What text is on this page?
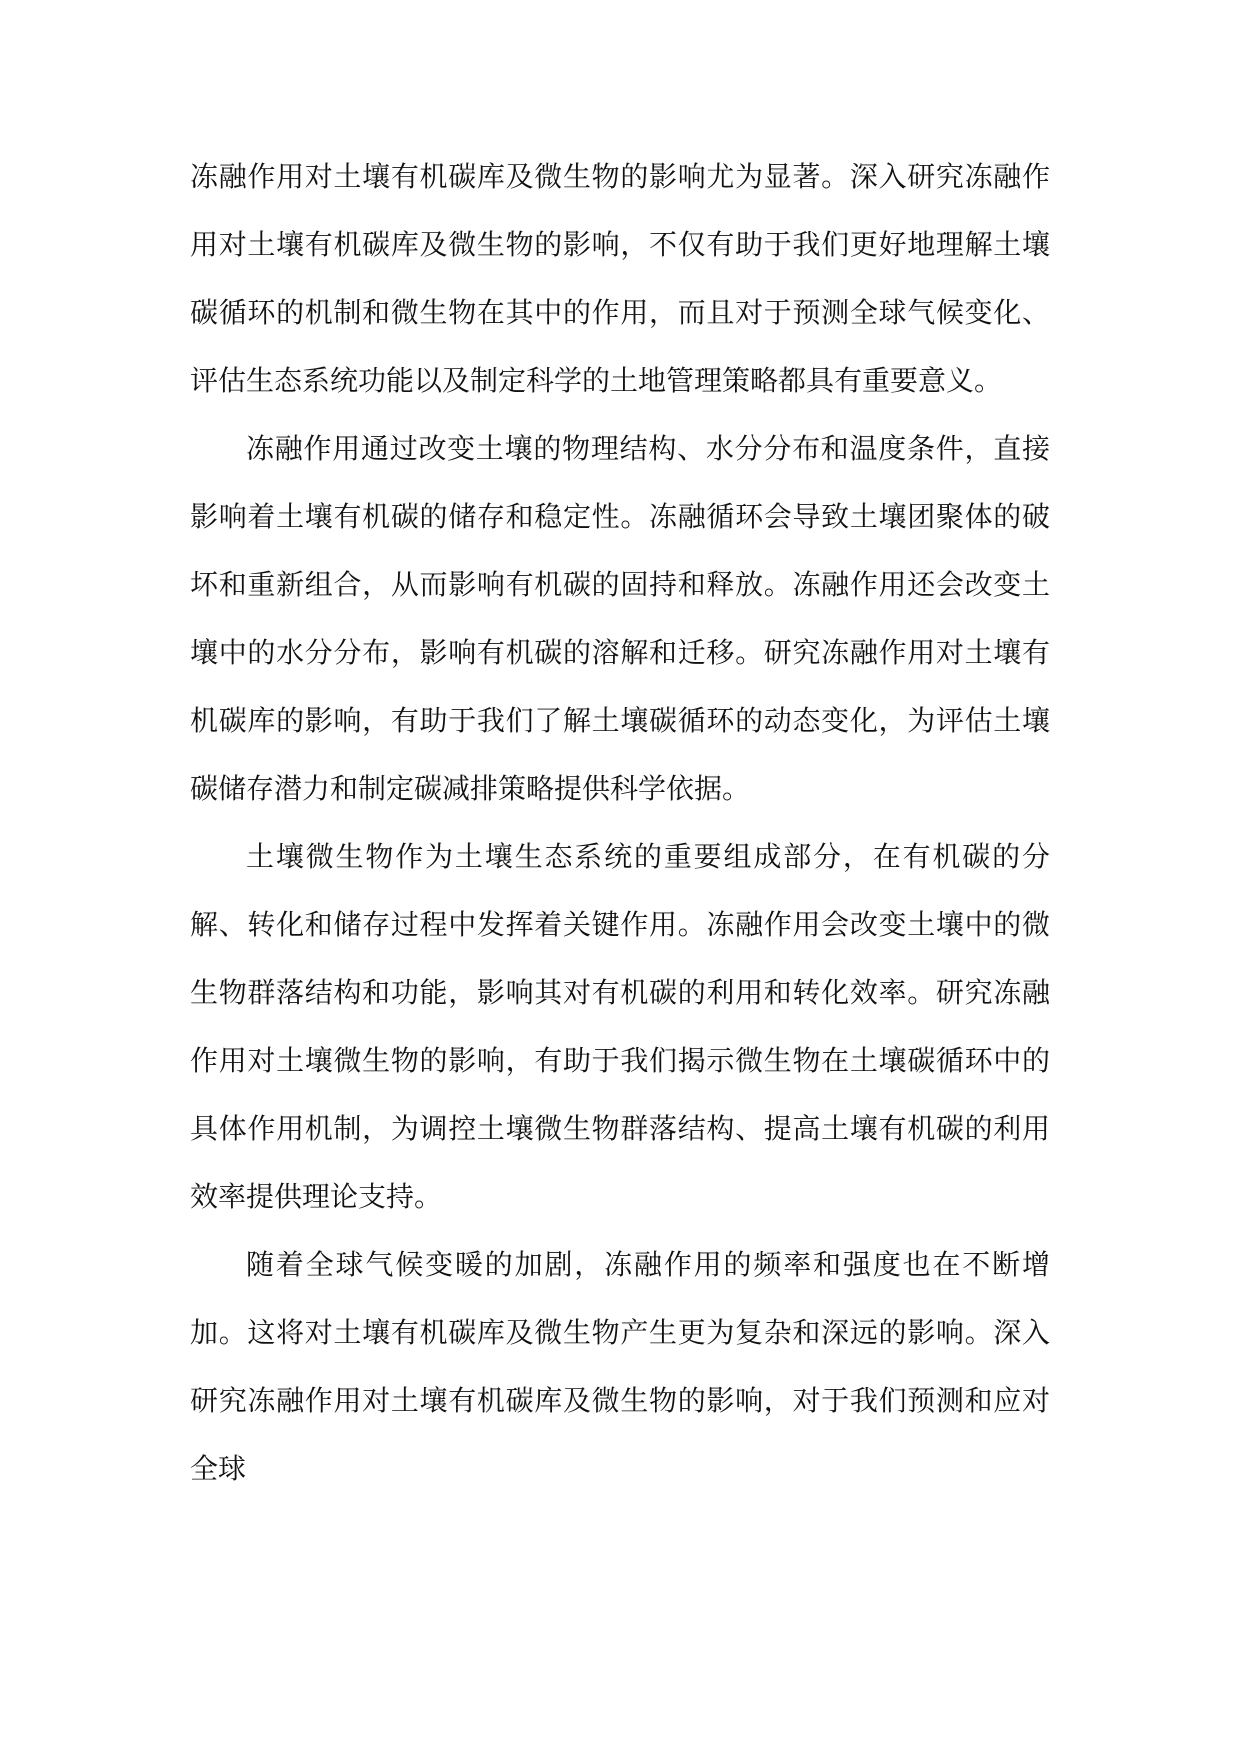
冻融作用对土壤有机碳库及微生物的影响尤为显著。深入研究冻融作用对土壤有机碳库及微生物的影响，不仅有助于我们更好地理解土壤碳循环的机制和微生物在其中的作用，而且对于预测全球气候变化、评估生态系统功能以及制定科学的土地管理策略都具有重要意义。

冻融作用通过改变土壤的物理结构、水分分布和温度条件，直接影响着土壤有机碳的储存和稳定性。冻融循环会导致土壤团聚体的破坏和重新组合，从而影响有机碳的固持和释放。冻融作用还会改变土壤中的水分分布，影响有机碳的溶解和迁移。研究冻融作用对土壤有机碳库的影响，有助于我们了解土壤碳循环的动态变化，为评估土壤碳储存潜力和制定碳减排策略提供科学依据。

土壤微生物作为土壤生态系统的重要组成部分，在有机碳的分解、转化和储存过程中发挥着关键作用。冻融作用会改变土壤中的微生物群落结构和功能，影响其对有机碳的利用和转化效率。研究冻融作用对土壤微生物的影响，有助于我们揭示微生物在土壤碳循环中的具体作用机制，为调控土壤微生物群落结构、提高土壤有机碳的利用效率提供理论支持。

随着全球气候变暖的加剧，冻融作用的频率和强度也在不断增加。这将对土壤有机碳库及微生物产生更为复杂和深远的影响。深入研究冻融作用对土壤有机碳库及微生物的影响，对于我们预测和应对全球
